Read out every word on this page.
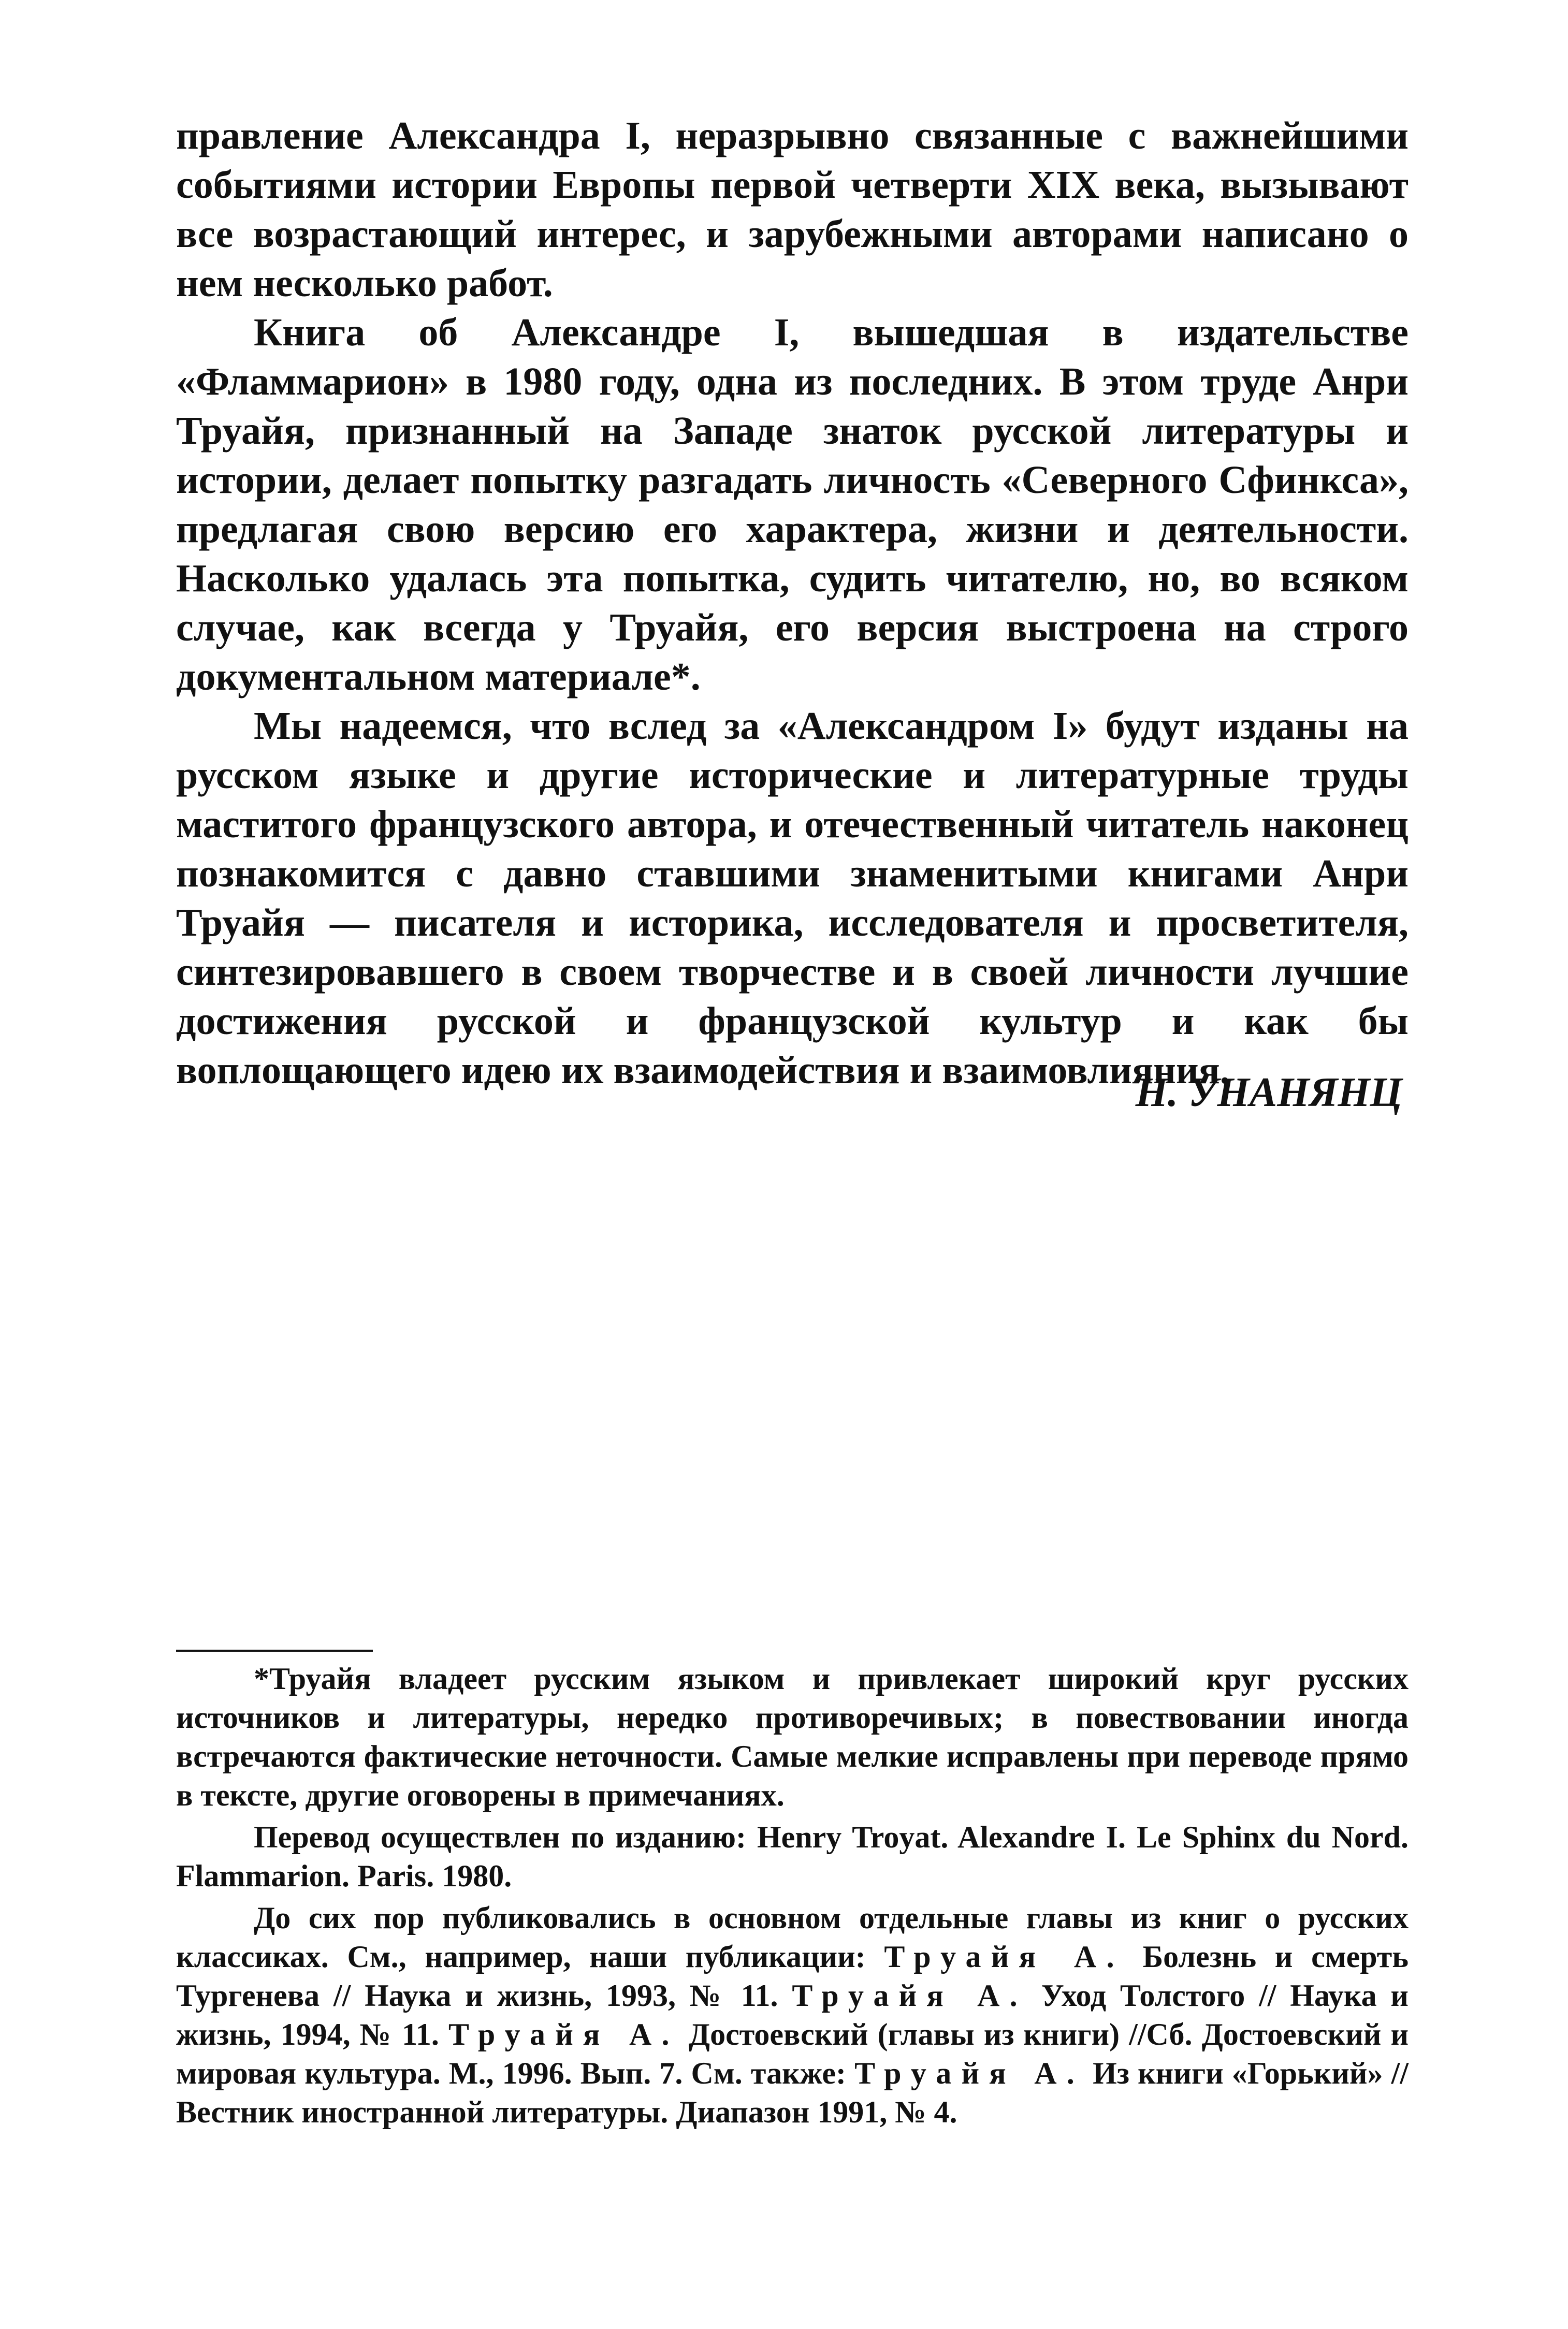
правление Александра I, неразрывно связанные с важнейшими событиями истории Европы первой четверти XIX века, вызывают все возрастающий интерес, и зарубежными авторами написано о нем несколько работ.

Книга об Александре I, вышедшая в издательстве «Фламмарион» в 1980 году, одна из последних. В этом труде Анри Труайя, признанный на Западе знаток русской литературы и истории, делает попытку разгадать личность «Северного Сфинкса», предлагая свою версию его характера, жизни и деятельности. Насколько удалась эта попытка, судить читателю, но, во всяком случае, как всегда у Труайя, его версия выстроена на строго документальном материале*.

Мы надеемся, что вслед за «Александром I» будут изданы на русском языке и другие исторические и литературные труды маститого французского автора, и отечественный читатель наконец познакомится с давно ставшими знаменитыми книгами Анри Труайя — писателя и историка, исследователя и просветителя, синтезировавшего в своем творчестве и в своей личности лучшие достижения русской и французской культур и как бы воплощающего идею их взаимодействия и взаимовлияния.

Н. УНАНЯНЦ

*Труайя владеет русским языком и привлекает широкий круг русских источников и литературы, нередко противоречивых; в повествовании иногда встречаются фактические неточности. Самые мелкие исправлены при переводе прямо в тексте, другие оговорены в примечаниях.

Перевод осуществлен по изданию: Henry Troyat. Alexandre I. Le Sphinx du Nord. Flammarion. Paris. 1980.

До сих пор публиковались в основном отдельные главы из книг о русских классиках. См., например, наши публикации: Труайя А. Болезнь и смерть Тургенева // Наука и жизнь, 1993, № 11. Труайя А. Уход Толстого // Наука и жизнь, 1994, № 11. Труайя А. Достоевский (главы из книги) //Сб. Достоевский и мировая культура. М., 1996. Вып. 7. См. также: Труайя А. Из книги «Горький» // Вестник иностранной литературы. Диапазон 1991, № 4.
